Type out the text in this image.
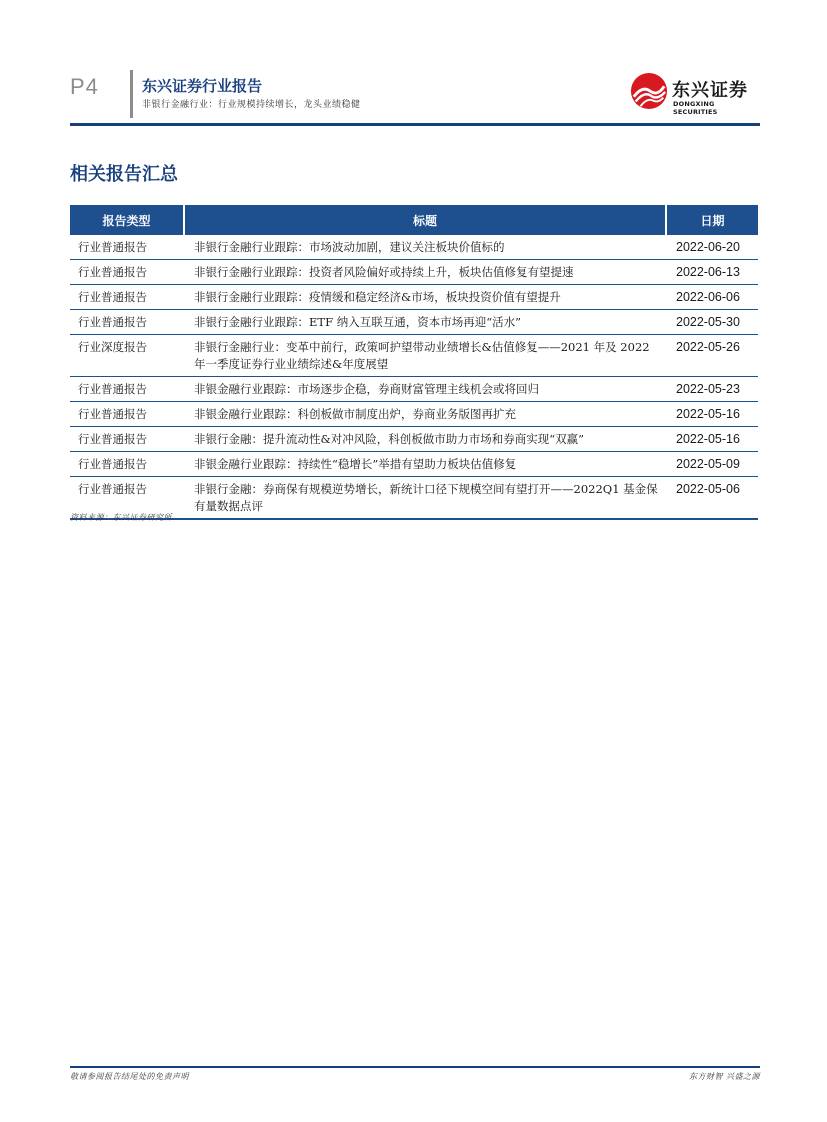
P4	东兴证券行业报告
非银行金融行业：行业规模持续增长，龙头业绩稳健
东兴证券
DONGXING SECURITIES
相关报告汇总
报告类型	标题	日期
行业普通报告	非银行金融行业跟踪：市场波动加剧，建议关注板块价值标的	2022-06-20
行业普通报告	非银行金融行业跟踪：投资者风险偏好或持续上升，板块估值修复有望提速	2022-06-13
行业普通报告	非银行金融行业跟踪：疫情缓和稳定经济&市场，板块投资价值有望提升	2022-06-06
行业普通报告	非银行金融行业跟踪：ETF 纳入互联互通，资本市场再迎“活水”	2022-05-30
行业深度报告	非银行金融行业：变革中前行，政策呵护望带动业绩增长&估值修复——2021 年及 2022 年一季度证券行业业绩综述&年度展望	2022-05-26
行业普通报告	非银金融行业跟踪：市场逐步企稳，券商财富管理主线机会或将回归	2022-05-23
行业普通报告	非银金融行业跟踪：科创板做市制度出炉，券商业务版图再扩充	2022-05-16
行业普通报告	非银行金融：提升流动性&对冲风险，科创板做市助力市场和券商实现“双赢”	2022-05-16
行业普通报告	非银金融行业跟踪：持续性“稳增长”举措有望助力板块估值修复	2022-05-09
行业普通报告	非银行金融：券商保有规模逆势增长，新统计口径下规模空间有望打开——2022Q1 基金保有量数据点评	2022-05-06
资料来源：东兴证券研究所
敬请参阅报告结尾处的免责声明	东方财智 兴盛之源
